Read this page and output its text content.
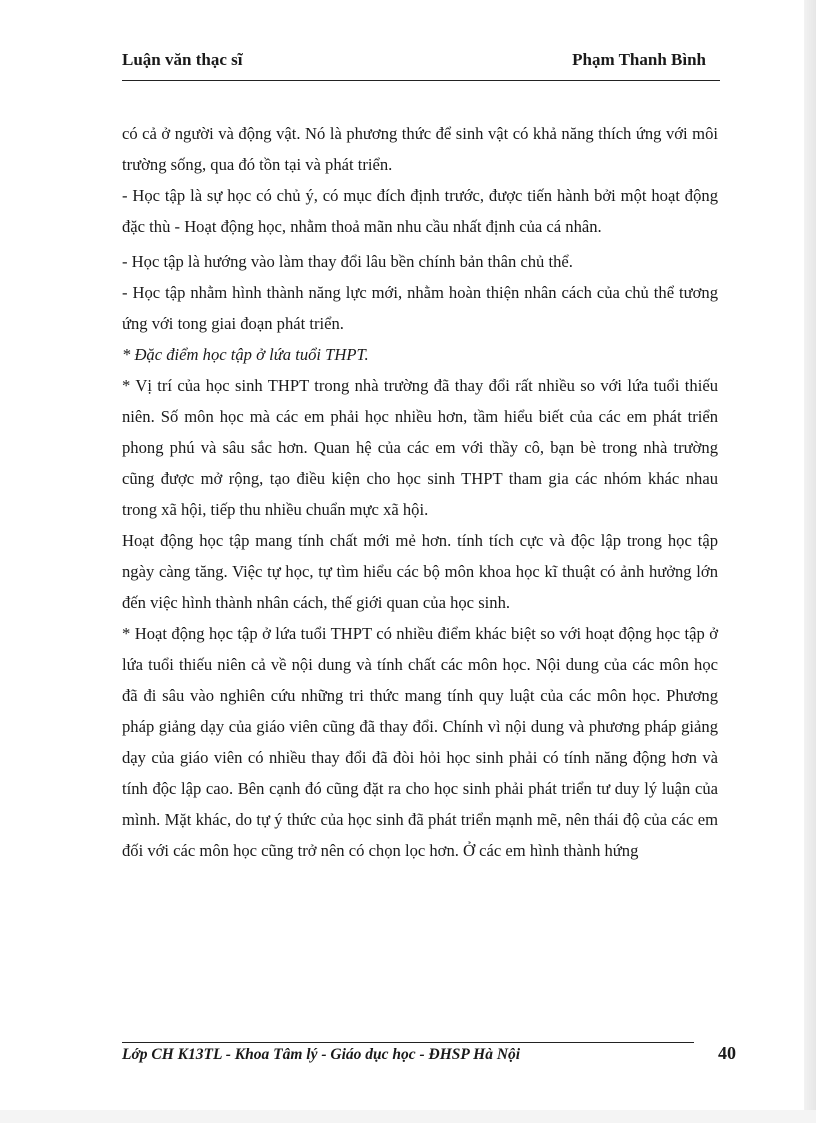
Luận văn thạc sĩ	Phạm Thanh Bình

có cả ở người và động vật. Nó là phương thức để sinh vật có khả năng thích ứng với môi trường sống, qua đó tồn tại và phát triển.

- Học tập là sự học có chủ ý, có mục đích định trước, được tiến hành bởi một hoạt động đặc thù - Hoạt động học, nhằm thoả mãn nhu cầu nhất định của cá nhân.

- Học tập là hướng vào làm thay đổi lâu bền chính bản thân chủ thể.

- Học tập nhằm hình thành năng lực mới, nhằm hoàn thiện nhân cách của chủ thể tương ứng với tong giai đoạn phát triển.

* Đặc điểm học tập ở lứa tuổi THPT.

* Vị trí của học sinh THPT trong nhà trường đã thay đổi rất nhiều so với lứa tuổi thiếu niên. Số môn học mà các em phải học nhiều hơn, tầm hiểu biết của các em phát triển phong phú và sâu sắc hơn. Quan hệ của các em với thầy cô, bạn bè trong nhà trường cũng được mở rộng, tạo điều kiện cho học sinh THPT tham gia các nhóm khác nhau trong xã hội, tiếp thu nhiều chuẩn mực xã hội.

Hoạt động học tập mang tính chất mới mẻ hơn. tính tích cực và độc lập trong học tập ngày càng tăng. Việc tự học, tự tìm hiểu các bộ môn khoa học kĩ thuật có ảnh hưởng lớn đến việc hình thành nhân cách, thế giới quan của học sinh.

* Hoạt động học tập ở lứa tuổi THPT có nhiều điểm khác biệt so với hoạt động học tập ở lứa tuổi thiếu niên cả về nội dung và tính chất các môn học. Nội dung của các môn học đã đi sâu vào nghiên cứu những tri thức mang tính quy luật của các môn học. Phương pháp giảng dạy của giáo viên cũng đã thay đổi. Chính vì nội dung và phương pháp giảng dạy của giáo viên có nhiều thay đổi đã đòi hỏi học sinh phải có tính năng động hơn và tính độc lập cao. Bên cạnh đó cũng đặt ra cho học sinh phải phát triển tư duy lý luận của mình. Mặt khác, do tự ý thức của học sinh đã phát triển mạnh mẽ, nên thái độ của các em đối với các môn học cũng trở nên có chọn lọc hơn. Ở các em hình thành hứng

Lớp CH K13TL - Khoa Tâm lý - Giáo dục học - ĐHSP Hà Nội	40
